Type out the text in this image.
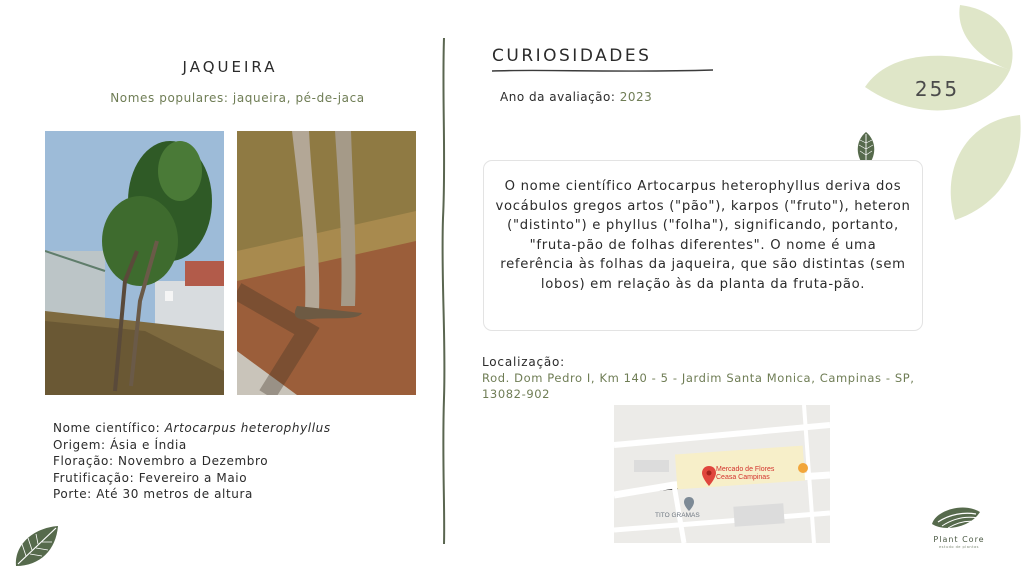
255
JAQUEIRA
Nomes populares: jaqueira, pé-de-jaca
Nome científico: Artocarpus heterophyllus
Origem: Ásia e Índia
Floração: Novembro a Dezembro
Frutificação: Fevereiro a Maio
Porte: Até 30 metros de altura
CURIOSIDADES
Ano da avaliação: 2023
O nome científico Artocarpus heterophyllus deriva dos vocábulos gregos artos ("pão"), karpos ("fruto"), heteron ("distinto") e phyllus ("folha"), significando, portanto, "fruta-pão de folhas diferentes". O nome é uma referência às folhas da jaqueira, que são distintas (sem lobos) em relação às da planta da fruta-pão.
Localização:
Rod. Dom Pedro I, Km 140 - 5 - Jardim Santa Monica, Campinas - SP, 13082-902
Mercado de Flores
Ceasa Campinas
TITO GRAMAS
Plant Core
estudo de plantas
